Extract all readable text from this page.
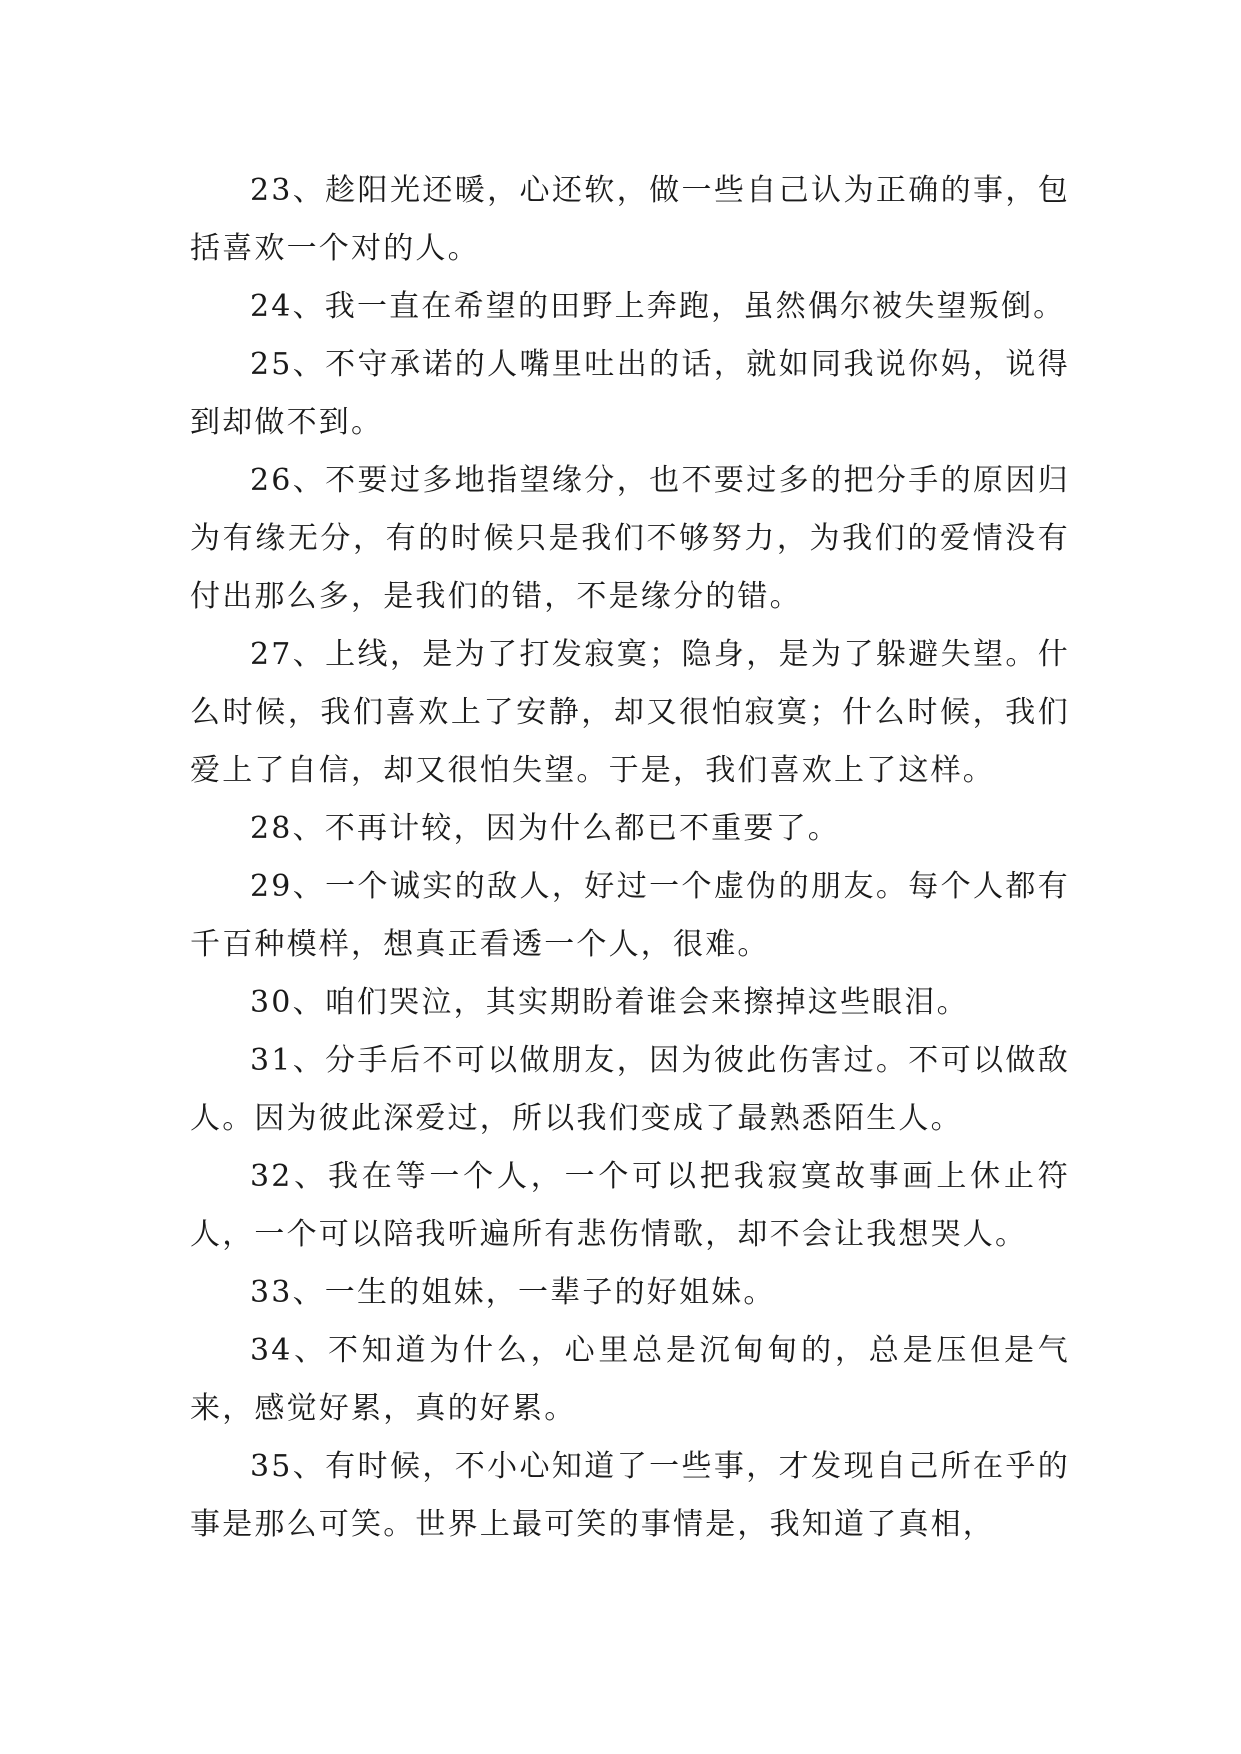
23、趁阳光还暖，心还软，做一些自己认为正确的事，包括喜欢一个对的人。

24、我一直在希望的田野上奔跑，虽然偶尔被失望叛倒。

25、不守承诺的人嘴里吐出的话，就如同我说你妈，说得到却做不到。

26、不要过多地指望缘分，也不要过多的把分手的原因归为有缘无分，有的时候只是我们不够努力，为我们的爱情没有付出那么多，是我们的错，不是缘分的错。

27、上线，是为了打发寂寞；隐身，是为了躲避失望。什么时候，我们喜欢上了安静，却又很怕寂寞；什么时候，我们爱上了自信，却又很怕失望。于是，我们喜欢上了这样。

28、不再计较，因为什么都已不重要了。

29、一个诚实的敌人，好过一个虚伪的朋友。每个人都有千百种模样，想真正看透一个人，很难。

30、咱们哭泣，其实期盼着谁会来擦掉这些眼泪。

31、分手后不可以做朋友，因为彼此伤害过。不可以做敌人。因为彼此深爱过，所以我们变成了最熟悉陌生人。

32、我在等一个人，一个可以把我寂寞故事画上休止符人，一个可以陪我听遍所有悲伤情歌，却不会让我想哭人。

33、一生的姐妹，一辈子的好姐妹。

34、不知道为什么，心里总是沉甸甸的，总是压但是气来，感觉好累，真的好累。

35、有时候，不小心知道了一些事，才发现自己所在乎的事是那么可笑。世界上最可笑的事情是，我知道了真相，
